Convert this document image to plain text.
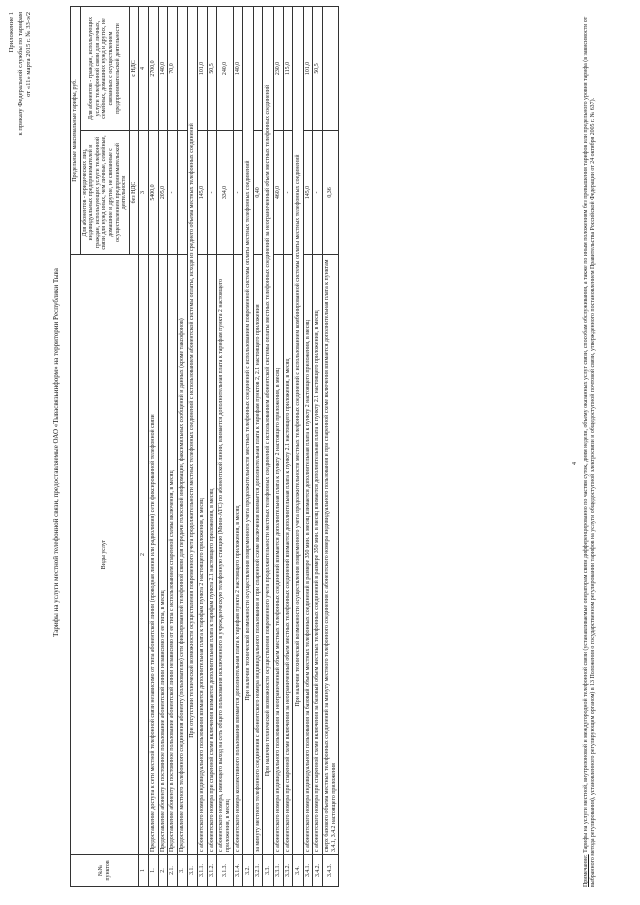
Приложение 1 к приказу Федеральной службы по тарифам от «11» марта 2015 г. № 33-э/2
Тарифы на услуги местной телефонной связи, предоставляемые ОАО «Тывасвязьинформ» на территории Республики Тыва
№№ пунктов	Виды услуг	Предельные максимальные тарифы, руб.	
		Для абонентов - юридических лиц, индивидуальных предпринимателей и граждан, использующих услуги телефонной связи для нужд иных, чем личные, семейные, домашние и другие, не связанные с осуществлением предпринимательской деятельности	Для абонентов - граждан, использующих услуги телефонной связи для личных, семейных, домашних нужд и других, не связанных с осуществлением предпринимательской деятельности
		без НДС	с НДС
1	2	3	4
1.	Предоставление доступа к сети местной телефонной связи независимо от типа абонентской линии (проводная линия или радиолиния) сети фиксированной телефонной связи	5400,0	2700,0
2.	Предоставление абоненту в постоянное пользование абонентской линии независимо от ее типа, в месяц	205,0	140,0
2.1.	Предоставление абоненту в постоянное пользование абонентской линии независимо от ее типа с использованием спаренной схемы включения, в месяц	-	70,0
3.	Предоставление местного телефонного соединения абоненту (пользователю) сети фиксированной телефонной связи для передачи голосовой информации, факсимильных сообщений и данных (кроме таксофонов)		
3.1.	При отсутствии технической возможности осуществления повременного учета продолжительности местных телефонных соединений с использованием абонентской системы оплаты, исходя из среднего объема местных телефонных соединений		
3.1.1.	с абонентского номера индивидуального пользования взимается дополнительная плата к тарифам пункта 2 настоящего приложения, в месяц	145,0	101,0
3.1.2.	с абонентского номера при спаренной схеме включения взимается дополнительная плата к тарифам пункта 2.1 настоящего приложения, в месяц	-	50,5
3.1.3.	с абонентского номера, имеющего выход на сеть общего пользования исключенного в учрежденческую телефонную станцию (Мини-АТС) по абонентской линии, взимается дополнительная плата к тарифам пункта 2 настоящего приложения, в месяц	334,0	240,0
3.1.4.	с абонентского номера коллективного пользования взимается дополнительная плата к тарифам пункта 2 настоящего приложения, в месяц	-	140,0
3.2.	При наличии технической возможности осуществления повременного учета продолжительности местных телефонных соединений с использованием повременной системы оплаты местных телефонных соединений		
3.2.1.	за минуту местного телефонного соединения с абонентского номера индивидуального пользования и при спаренной схеме включения взимается дополнительная плата к тарифам пунктов 2, 2.1 настоящего приложения	0,40	
3.3.	При наличии технической возможности осуществления повременного учета продолжительности местных телефонных соединений с использованием абонентской системы оплаты местных телефонных соединений за неограниченный объем местных телефонных соединений		
3.3.1.	с абонентского номера индивидуального пользования за неограниченный объем местных телефонных соединений взимается дополнительная плата к пункту 2 настоящего приложения, в месяц	460,0	230,0
3.3.2.	с абонентского номера при спаренной схеме включения за неограниченный объем местных телефонных соединений взимается дополнительная плата к пункту 2.1 настоящего приложения, в месяц	-	115,0
3.4.	При наличии технической возможности осуществления повременного учета продолжительности местных телефонных соединений с использованием комбинированной системы оплаты местных телефонных соединений		
3.4.1.	с абонентского номера индивидуального пользования за базовый объем местных телефонных соединений в размере 350 мин. в месяц взимается дополнительная плата к пункту 2 настоящего приложения, в месяц	145,0	101,0
3.4.2.	с абонентского номера при спаренной схеме включения за базовый объем местных телефонных соединений в размере 350 мин. в месяц взимается дополнительная плата к пункту 2.1 настоящего приложения, в месяц	-	50,5
3.4.3.	сверх базового объема местных телефонных соединений за минуту местного телефонного соединения с абонентского номера индивидуального пользования и при спаренной схеме включения взимается дополнительная плата к пунктам 3.4.1, 3.4.2 настоящего приложения	0,36	
4
Примечание: Тарифы на услуги местной, внутризоновой и междугородной телефонной связи (устанавливаемые операторам связи дифференцированно по частям суток, дням недели, объему оказанных услуг связи, способам обслуживания, а также по иным положениям без превышения тарифов или предельного уровня тарифа (в зависимости от выбранного метода регулирования), установленного регулирующим органом) в 13 Положения о государственном регулировании тарифов на услуги общедоступной электросвязи и общедоступной почтовой связи, утвержденного постановлением Правительства Российской Федерации от 24 октября 2005 г. № 637).
